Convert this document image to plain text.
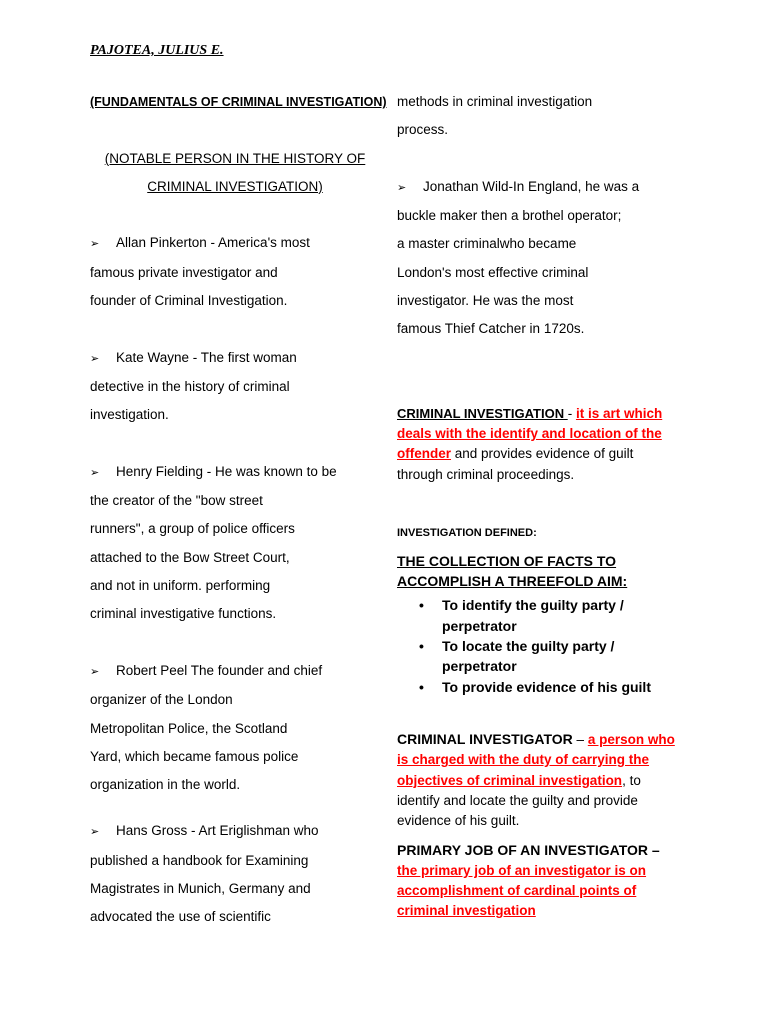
PAJOTEA, JULIUS E.
(FUNDAMENTALS OF CRIMINAL INVESTIGATION)
(NOTABLE PERSON IN THE HISTORY OF
CRIMINAL INVESTIGATION)
➢ Allan Pinkerton - America's most
famous private investigator and
founder of Criminal Investigation.
➢ Kate Wayne - The first woman
detective in the history of criminal
investigation.
➢ Henry Fielding - He was known to be
the creator of the "bow street
runners", a group of police officers
attached to the Bow Street Court,
and not in uniform. performing
criminal investigative functions.
➢ Robert Peel The founder and chief
organizer of the London
Metropolitan Police, the Scotland
Yard, which became famous police
organization in the world.
➢ Hans Gross - Art Eriglishman who
published a handbook for Examining
Magistrates in Munich, Germany and
advocated the use of scientific
methods in criminal investigation
process.
➢ Jonathan Wild-In England, he was a
buckle maker then a brothel operator;
a master criminalwho became
London's most effective criminal
investigator. He was the most
famous Thief Catcher in 1720s.
CRIMINAL INVESTIGATION - it is art which deals with the identify and location of the offender and provides evidence of guilt through criminal proceedings.
INVESTIGATION DEFINED:
THE COLLECTION OF FACTS TO ACCOMPLISH A THREEFOLD AIM:
• To identify the guilty party / perpetrator
• To locate the guilty party / perpetrator
• To provide evidence of his guilt
CRIMINAL INVESTIGATOR – a person who is charged with the duty of carrying the objectives of criminal investigation, to identify and locate the guilty and provide evidence of his guilt.
PRIMARY JOB OF AN INVESTIGATOR –
the primary job of an investigator is on accomplishment of cardinal points of criminal investigation
